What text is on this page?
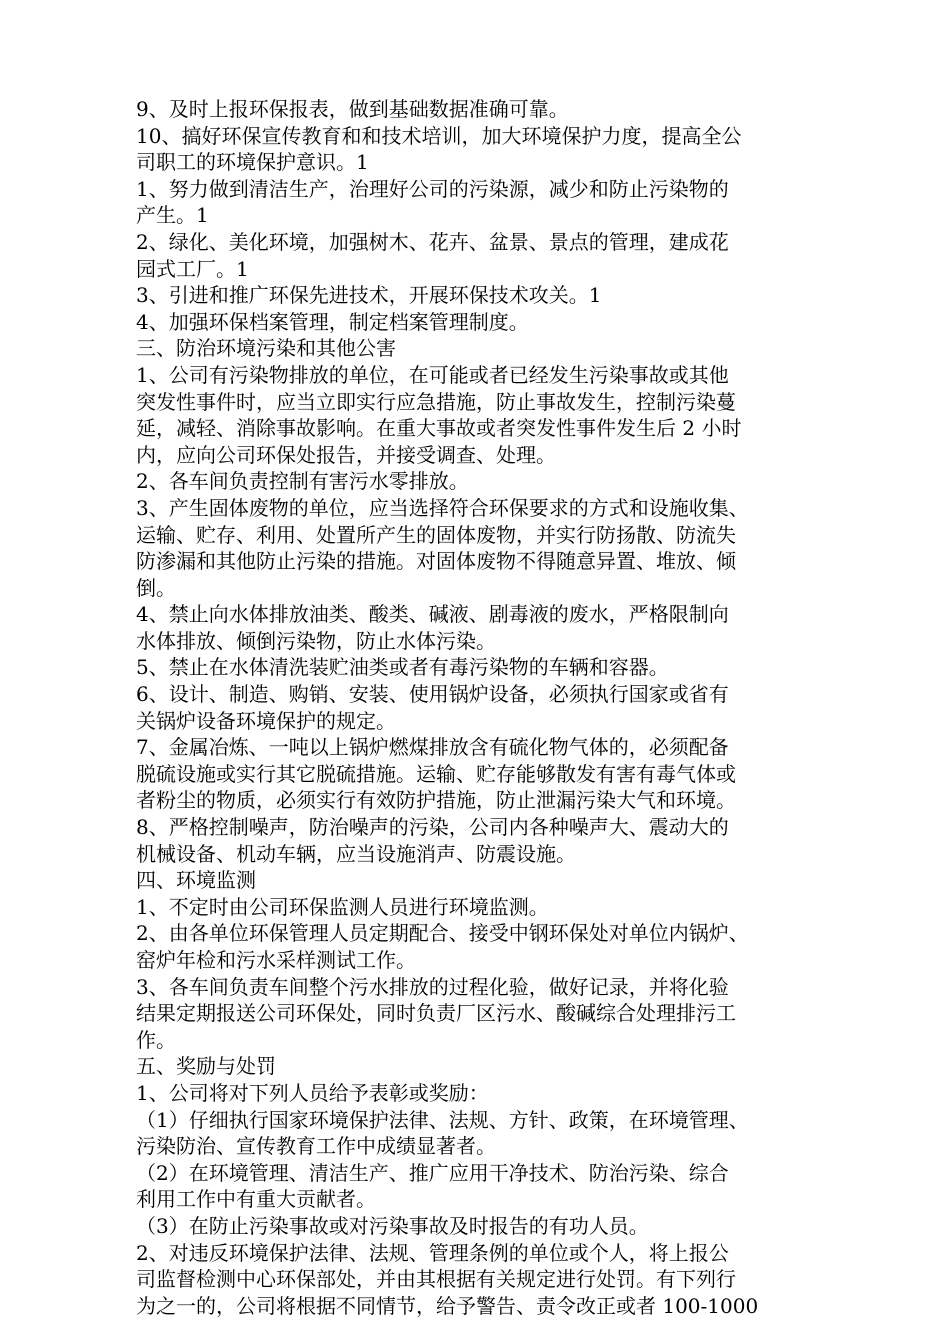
9、及时上报环保报表，做到基础数据准确可靠。
10、搞好环保宣传教育和和技术培训，加大环境保护力度，提高全公
司职工的环境保护意识。1
1、努力做到清洁生产，治理好公司的污染源，减少和防止污染物的
产生。1
2、绿化、美化环境，加强树木、花卉、盆景、景点的管理，建成花
园式工厂。1
3、引进和推广环保先进技术，开展环保技术攻关。1
4、加强环保档案管理，制定档案管理制度。
三、防治环境污染和其他公害
1、公司有污染物排放的单位，在可能或者已经发生污染事故或其他
突发性事件时，应当立即实行应急措施，防止事故发生，控制污染蔓
延，减轻、消除事故影响。在重大事故或者突发性事件发生后 2 小时
内，应向公司环保处报告，并接受调查、处理。
2、各车间负责控制有害污水零排放。
3、产生固体废物的单位，应当选择符合环保要求的方式和设施收集、
运输、贮存、利用、处置所产生的固体废物，并实行防扬散、防流失
防渗漏和其他防止污染的措施。对固体废物不得随意异置、堆放、倾
倒。
4、禁止向水体排放油类、酸类、碱液、剧毒液的废水，严格限制向
水体排放、倾倒污染物，防止水体污染。
5、禁止在水体清洗装贮油类或者有毒污染物的车辆和容器。
6、设计、制造、购销、安装、使用锅炉设备，必须执行国家或省有
关锅炉设备环境保护的规定。
7、金属冶炼、一吨以上锅炉燃煤排放含有硫化物气体的，必须配备
脱硫设施或实行其它脱硫措施。运输、贮存能够散发有害有毒气体或
者粉尘的物质，必须实行有效防护措施，防止泄漏污染大气和环境。
8、严格控制噪声，防治噪声的污染，公司内各种噪声大、震动大的
机械设备、机动车辆，应当设施消声、防震设施。
四、环境监测
1、不定时由公司环保监测人员进行环境监测。
2、由各单位环保管理人员定期配合、接受中钢环保处对单位内锅炉、
窑炉年检和污水采样测试工作。
3、各车间负责车间整个污水排放的过程化验，做好记录，并将化验
结果定期报送公司环保处，同时负责厂区污水、酸碱综合处理排污工
作。
五、奖励与处罚
1、公司将对下列人员给予表彰或奖励：
（1）仔细执行国家环境保护法律、法规、方针、政策，在环境管理、
污染防治、宣传教育工作中成绩显著者。
（2）在环境管理、清洁生产、推广应用干净技术、防治污染、综合
利用工作中有重大贡献者。
（3）在防止污染事故或对污染事故及时报告的有功人员。
2、对违反环境保护法律、法规、管理条例的单位或个人，将上报公
司监督检测中心环保部处，并由其根据有关规定进行处罚。有下列行
为之一的，公司将根据不同情节，给予警告、责令改正或者 100-1000
